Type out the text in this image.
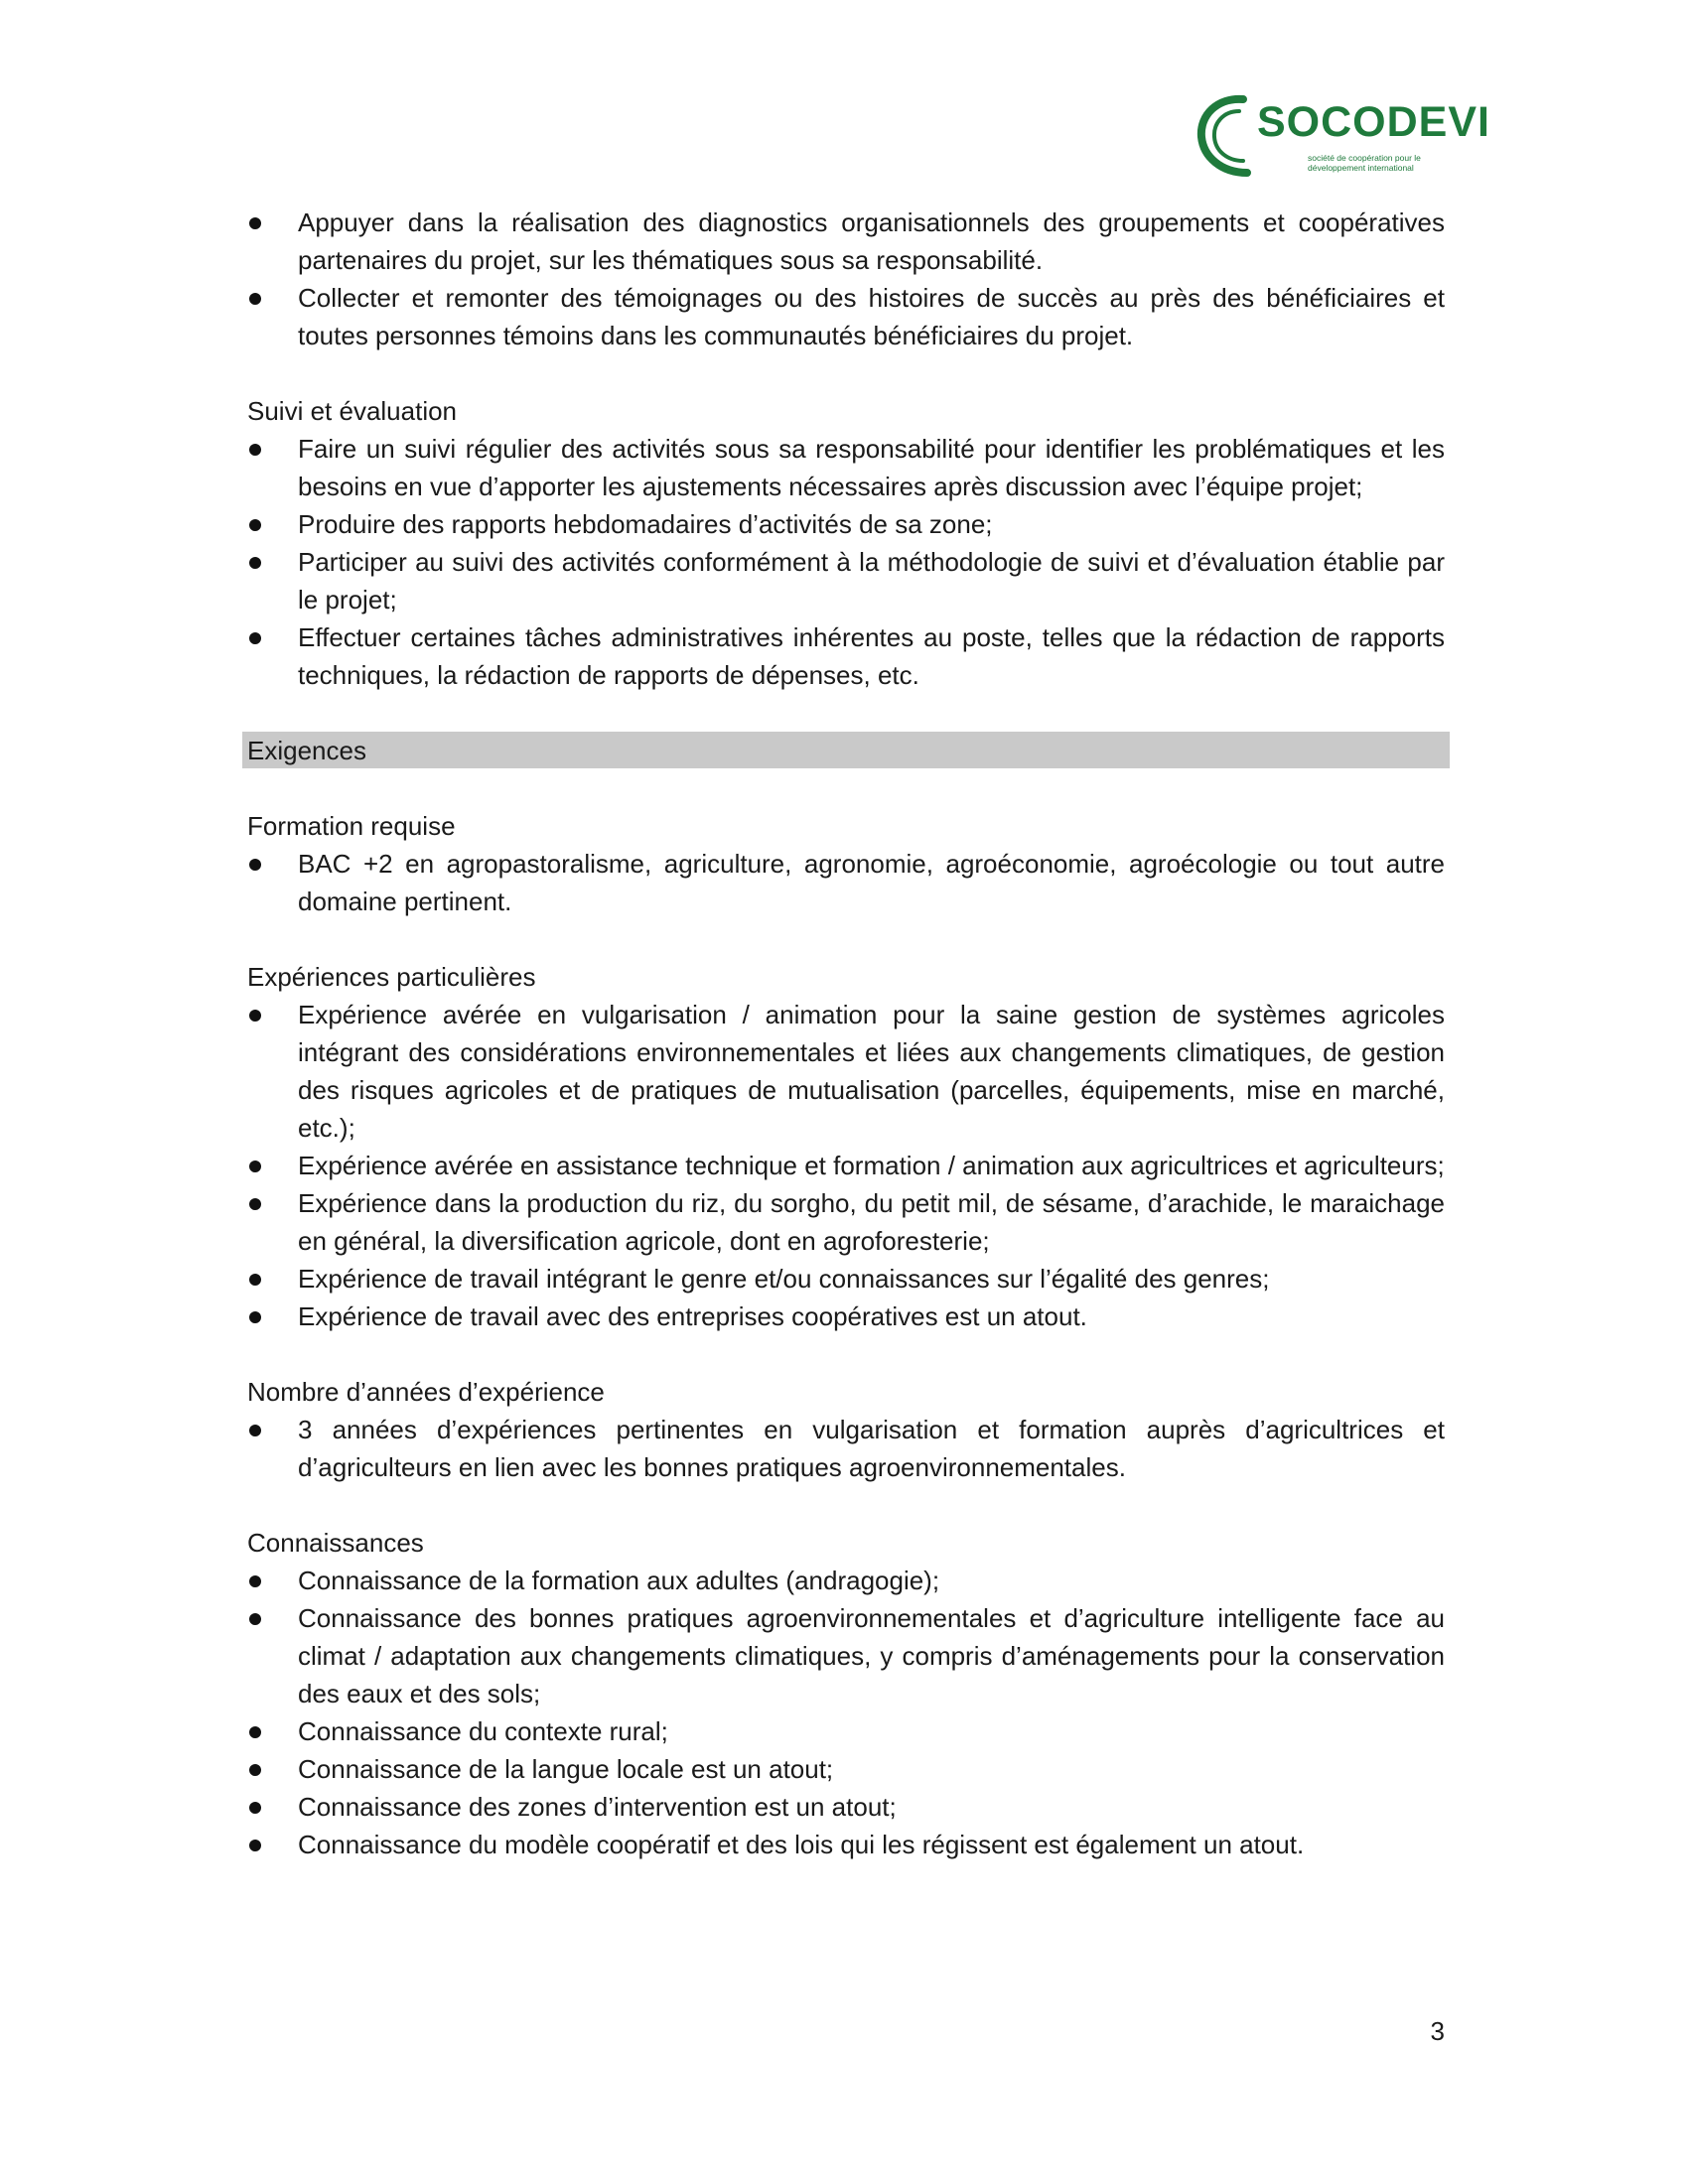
SOCODEVI
société de coopération pour le
développement international
Appuyer dans la réalisation des diagnostics organisationnels des groupements et coopératives partenaires du projet, sur les thématiques sous sa responsabilité.
Collecter et remonter des témoignages ou des histoires de succès au près des bénéficiaires et toutes personnes témoins dans les communautés bénéficiaires du projet.

Suivi et évaluation

Faire un suivi régulier des activités sous sa responsabilité pour identifier les problématiques et les besoins en vue d’apporter les ajustements nécessaires après discussion avec l’équipe projet;
Produire des rapports hebdomadaires d’activités de sa zone;
Participer au suivi des activités conformément à la méthodologie de suivi et d’évaluation établie par le projet;
Effectuer certaines tâches administratives inhérentes au poste, telles que la rédaction de rapports techniques, la rédaction de rapports de dépenses, etc.
Exigences

Formation requise

BAC +2 en agropastoralisme, agriculture, agronomie, agroéconomie, agroécologie ou tout autre domaine pertinent.

Expériences particulières

Expérience avérée en vulgarisation / animation pour la saine gestion de systèmes agricoles intégrant des considérations environnementales et liées aux changements climatiques, de gestion des risques agricoles et de pratiques de mutualisation (parcelles, équipements, mise en marché, etc.);
Expérience avérée en assistance technique et formation / animation aux agricultrices et agriculteurs;
Expérience dans la production du riz, du sorgho, du petit mil, de sésame, d’arachide, le maraichage en général, la diversification agricole, dont en agroforesterie;
Expérience de travail intégrant le genre et/ou connaissances sur l’égalité des genres;
Expérience de travail avec des entreprises coopératives est un atout.

Nombre d’années d’expérience

3 années d’expériences pertinentes en vulgarisation et formation auprès d’agricultrices et d’agriculteurs en lien avec les bonnes pratiques agroenvironnementales.

Connaissances

Connaissance de la formation aux adultes (andragogie);
Connaissance des bonnes pratiques agroenvironnementales et d’agriculture intelligente face au climat / adaptation aux changements climatiques, y compris d’aménagements pour la conservation des eaux et des sols;
Connaissance du contexte rural;
Connaissance de la langue locale est un atout;
Connaissance des zones d’intervention est un atout;
Connaissance du modèle coopératif et des lois qui les régissent est également un atout.
3
